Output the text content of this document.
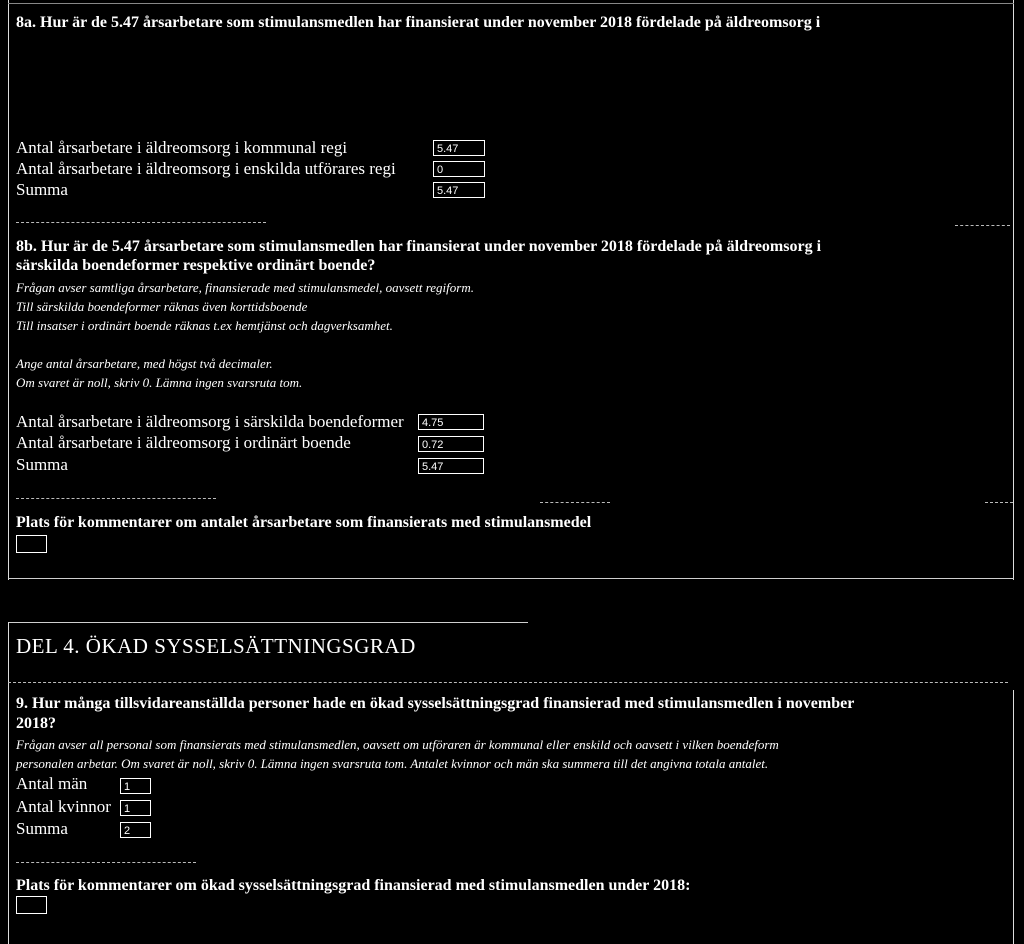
8a. Hur är de 5.47 årsarbetare som stimulansmedlen har finansierat under november 2018 fördelade på äldreomsorg i
Antal årsarbetare i äldreomsorg i kommunal regi	5.47
Antal årsarbetare i äldreomsorg i enskilda utförares regi	0
Summa	5.47
8b. Hur är de 5.47 årsarbetare som stimulansmedlen har finansierat under november 2018 fördelade på äldreomsorg i
särskilda boendeformer respektive ordinärt boende?
Frågan avser samtliga årsarbetare, finansierade med stimulansmedel, oavsett regiform.
Till särskilda boendeformer räknas även korttidsboende
Till insatser i ordinärt boende räknas t.ex hemtjänst och dagverksamhet.
Ange antal årsarbetare, med högst två decimaler.
Om svaret är noll, skriv 0. Lämna ingen svarsruta tom.
Antal årsarbetare i äldreomsorg i särskilda boendeformer	4.75
Antal årsarbetare i äldreomsorg i ordinärt boende	0.72
Summa	5.47
Plats för kommentarer om antalet årsarbetare som finansierats med stimulansmedel
DEL 4. ÖKAD SYSSELSÄTTNINGSGRAD
9. Hur många tillsvidareanställda personer hade en ökad sysselsättningsgrad finansierad med stimulansmedlen i november
2018?
Frågan avser all personal som finansierats med stimulansmedlen, oavsett om utföraren är kommunal eller enskild och oavsett i vilken boendeform
personalen arbetar. Om svaret är noll, skriv 0. Lämna ingen svarsruta tom. Antalet kvinnor och män ska summera till det angivna totala antalet.
Antal män	1
Antal kvinnor	1
Summa	2
Plats för kommentarer om ökad sysselsättningsgrad finansierad med stimulansmedlen under 2018:
